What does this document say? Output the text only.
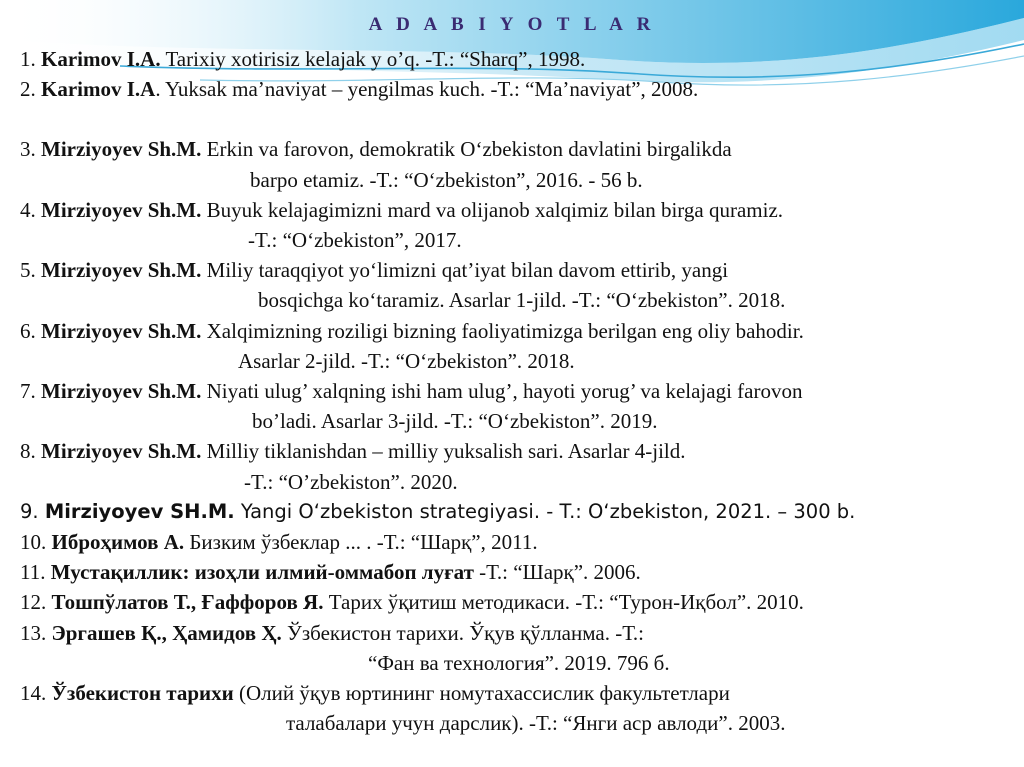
A D A B I Y O T L A R
1. Karimov I.A. Tarixiy xotirisiz kelajak y o’q. -T.: “Sharq”, 1998.
2. Karimov I.A. Yuksak ma’naviyat – yengilmas kuch. -T.: “Ma’naviyat”, 2008.
3. Mirziyoyev Sh.M. Erkin va farovon, demokratik O‘zbekiston davlatini birgalikda
barpo etamiz. -T.: “O‘zbekiston”, 2016. - 56 b.
4. Mirziyoyev Sh.M. Buyuk kelajagimizni mard va olijanob xalqimiz bilan birga quramiz.
-T.: “O‘zbekiston”, 2017.
5. Mirziyoyev Sh.M. Miliy taraqqiyot yo‘limizni qat’iyat bilan davom ettirib, yangi
bosqichga ko‘taramiz. Asarlar 1-jild. -T.: “O‘zbekiston”. 2018.
6. Mirziyoyev Sh.M. Xalqimizning roziligi bizning faoliyatimizga berilgan eng oliy bahodir.
Asarlar 2-jild. -T.: “O‘zbekiston”. 2018.
7. Mirziyoyev Sh.M. Niyati ulug’ xalqning ishi ham ulug’, hayoti yorug’ va kelajagi farovon
bo’ladi. Asarlar 3-jild. -T.: “O‘zbekiston”. 2019.
8. Mirziyoyev Sh.M. Milliy tiklanishdan – milliy yuksalish sari. Asarlar 4-jild.
-T.: “O’zbekiston”. 2020.
9. Mirziyoyev SH.M. Yangi O‘zbekiston strategiyasi. - T.: O‘zbekiston, 2021. – 300 b.
10. Иброҳимов А. Бизким ўзбеклар ... . -Т.: “Шарқ”, 2011.
11. Мустақиллик: изоҳли илмий-оммабоп луғат -Т.: “Шарқ”. 2006.
12. Тошпўлатов Т., Ғаффоров Я. Тарих ўқитиш методикаси. -Т.: “Турон-Иқбол”. 2010.
13. Эргашев Қ., Ҳамидов Ҳ. Ўзбекистон тарихи. Ўқув қўлланма. -Т.:
“Фан ва технология”. 2019. 796 б.
14. Ўзбекистон тарихи (Олий ўқув юртининг номутахассислик факультетлари
талабалари учун дарслик). -Т.: “Янги аср авлоди”. 2003.
